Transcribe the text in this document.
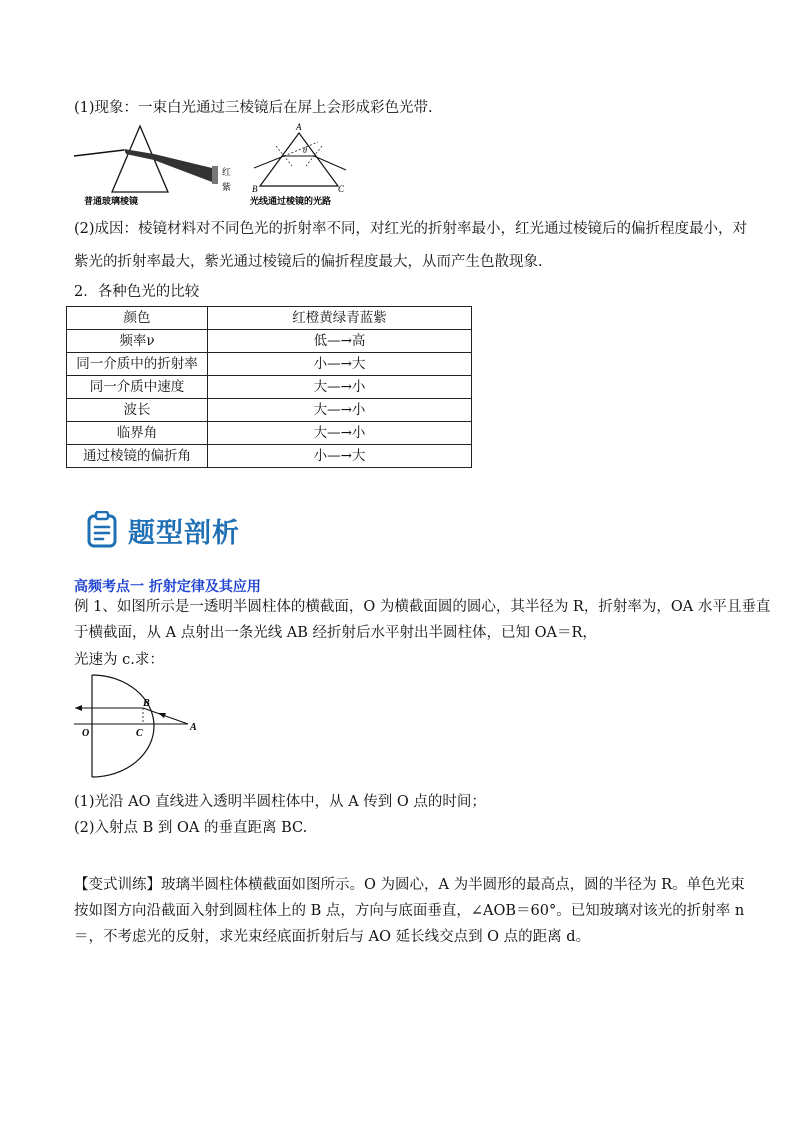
(1)现象：一束白光通过三棱镜后在屏上会形成彩色光带.
红
紫
普通玻璃棱镜
A
θ
B	C
光线通过棱镜的光路
(2)成因：棱镜材料对不同色光的折射率不同，对红光的折射率最小，红光通过棱镜后的偏折程度最小，对
紫光的折射率最大，紫光通过棱镜后的偏折程度最大，从而产生色散现象.
2．各种色光的比较
颜色	红橙黄绿青蓝紫
频率ν	低—→高
同一介质中的折射率	小—→大
同一介质中速度	大—→小
波长	大—→小
临界角	大—→小
通过棱镜的偏折角	小—→大
题型剖析
高频考点一 折射定律及其应用
例 1、如图所示是一透明半圆柱体的横截面，O 为横截面圆的圆心，其半径为 R，折射率为，OA 水平且垂直
于横截面，从 A 点射出一条光线 AB 经折射后水平射出半圆柱体，已知 OA＝R，
光速为 c.求：
O	C
B
A
(1)光沿 AO 直线进入透明半圆柱体中，从 A 传到 O 点的时间；
(2)入射点 B 到 OA 的垂直距离 BC.
【变式训练】玻璃半圆柱体横截面如图所示。O 为圆心，A 为半圆形的最高点，圆的半径为 R。单色光束
按如图方向沿截面入射到圆柱体上的 B 点，方向与底面垂直，∠AOB＝60°。已知玻璃对该光的折射率 n
＝，不考虑光的反射，求光束经底面折射后与 AO 延长线交点到 O 点的距离 d。
